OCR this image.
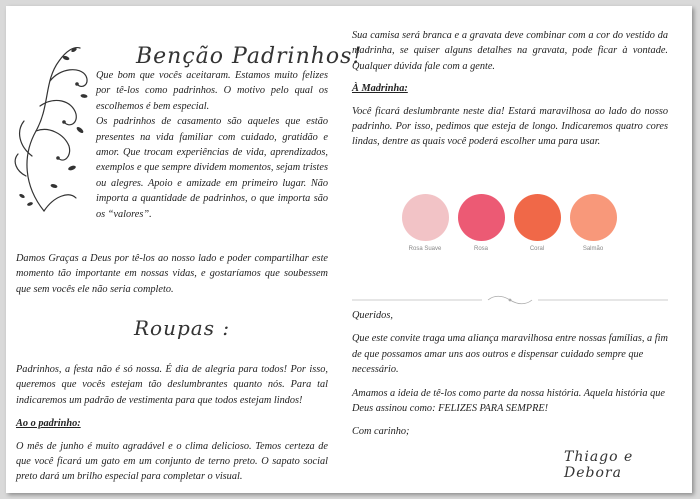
Benção Padrinhos!

Que bom que vocês aceitaram. Estamos muito felizes por tê-los como padrinhos. O motivo pelo qual os escolhemos é bem especial.

Os padrinhos de casamento são aqueles que estão presentes na vida familiar com cuidado, gratidão e amor. Que trocam experiências de vida, aprendizados, exemplos e que sempre dividem momentos, sejam tristes ou alegres. Apoio e amizade em primeiro lugar. Não importa a quantidade de padrinhos, o que importa são os “valores”.

Damos Graças a Deus por tê-los ao nosso lado e poder compartilhar este momento tão importante em nossas vidas, e gostaríamos que soubessem que sem vocês ele não seria completo.

Roupas :

Padrinhos, a festa não é só nossa. É dia de alegria para todos! Por isso, queremos que vocês estejam tão deslumbrantes quanto nós. Para tal indicaremos um padrão de vestimenta para que todos estejam lindos!

Ao o padrinho:

O mês de junho é muito agradável e o clima delicioso. Temos certeza de que você ficará um gato em um conjunto de terno preto. O sapato social preto dará um brilho especial para completar o visual.

Sua camisa será branca e a gravata deve combinar com a cor do vestido da madrinha, se quiser alguns detalhes na gravata, pode ficar à vontade. Qualquer dúvida fale com a gente.

À Madrinha:

Você ficará deslumbrante neste dia! Estará maravilhosa ao lado do nosso padrinho. Por isso, pedimos que esteja de longo. Indicaremos quatro cores lindas, dentre as quais você poderá escolher uma para usar.

Rosa Suave	Rosa	Coral	Salmão

Queridos,

Que este convite traga uma aliança maravilhosa entre nossas famílias, a fim de que possamos amar uns aos outros e dispensar cuidado sempre que necessário.

Amamos a ideia de tê-los como parte da nossa história. Aquela história que Deus assinou como: FELIZES PARA SEMPRE!

Com carinho;

Thiago e Debora
